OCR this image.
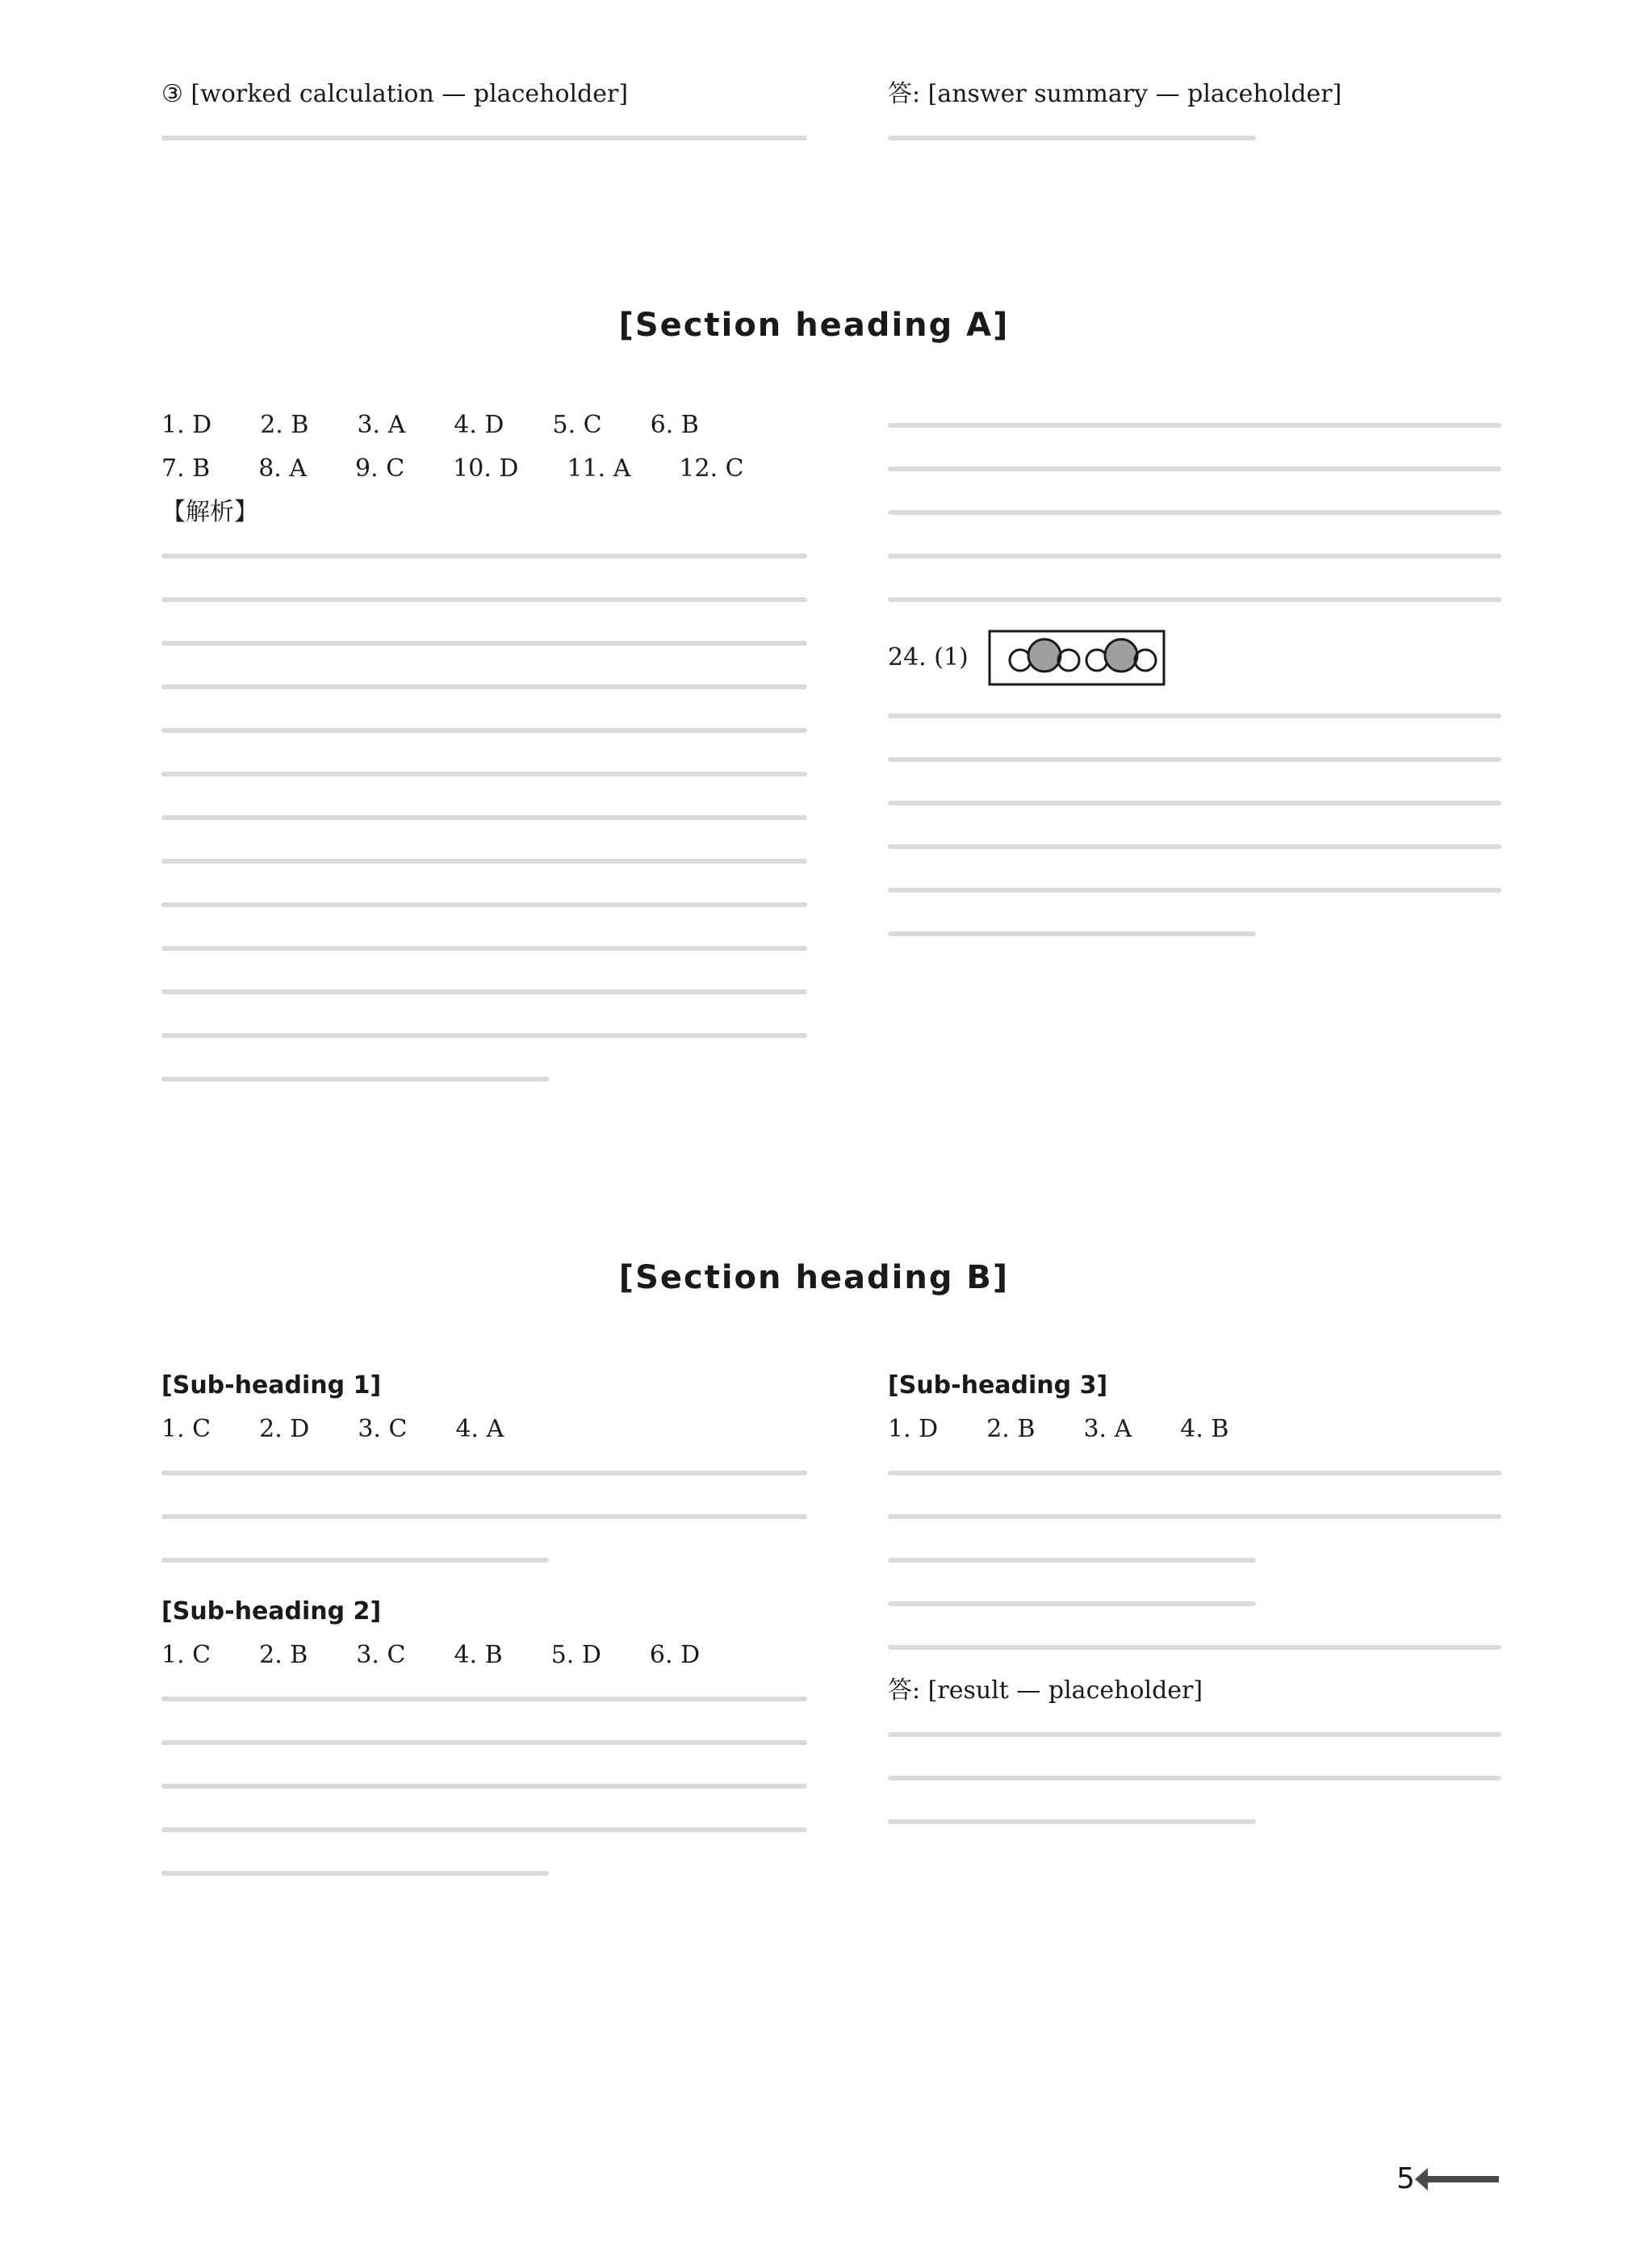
③ [worked calculation — placeholder]	答: [answer summary — placeholder]
[Section heading A]
1. D 2. B 3. A 4. D 5. C 6. B
7. B 8. A 9. C 10. D 11. A 12. C
【解析】
24. (1)
[Section heading B]
[Sub-heading 1]
1. C 2. D 3. C 4. A
[Sub-heading 2]
1. C 2. B 3. C 4. B 5. D 6. D
[Sub-heading 3]
1. D 2. B 3. A 4. B
答: [result — placeholder]
5
